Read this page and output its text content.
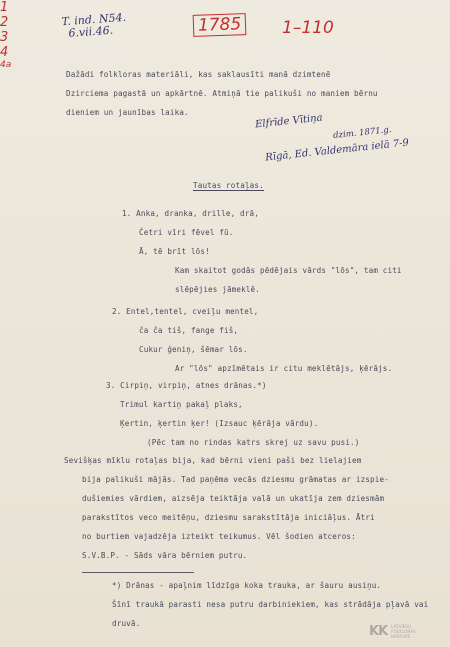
T. ind. N54.
6.vii.46.	1785 1–110
Dažādi folkloras materiāli, kas saklausīti manā dzimtenē
Dzirciema pagastā un apkārtnē. Atmiņā tie palikuši no maniem bērnu
dieniem un jaunības laika.	Elfrīde Vītiņa
dzim. 1871.g.
Rīgā, Ed. Valdemāra ielā 7-9
Tautas rotaļas.
1
1. Anka, dranka, drille, drā,
Četri vīri fēvel fū.
Ā, tē brīt lōs!
Kam skaitot godās pēdējais vārds "lōs", tam citi
slēpējies jāmeklē.
2
2. Entel,tentel, cveiļu mentel,
ča ča tiš, fange fiš,
Cukur ģeniņ, šēmar lōs.
Ar "lōs" apzīmētais ir citu meklētājs, ķērājs.
3
3. Cirpiņ, virpiņ, atnes drānas.*)
Trimul kartiņ pakaļ plaks,
Ķertin, ķertin ķer! (Izsauc ķērāja vārdu).
(Pēc tam no rindas katrs skrej uz savu pusi.)
4
Sevišķas mīklu rotaļas bija, kad bērni vieni paši bez lielajiem
bija palikuši mājās. Tad paņēma vecās dziesmu grāmatas ar izspie-
dušiemies vārdiem, aizsēja teiktāja valā un ukatīja zem dziesmām
parakstītos veco meitēņu, dziesmu sarakstītāja iniciāļus. Ātri
no burtiem vajadzēja izteikt teikumus. Vēl šodien atceros:
S.V.B.P. - Sāds vāra bērniem putru.
4a
*) Drānas - apaļnim līdzīga koka trauka, ar šauru ausiņu.
Šīnī traukā parasti nesa putru darbiniekiem, kas strādāja pļavā vai
druvā.	KK LATVIEŠU
FOLKLORAS
KRĀTUVE
